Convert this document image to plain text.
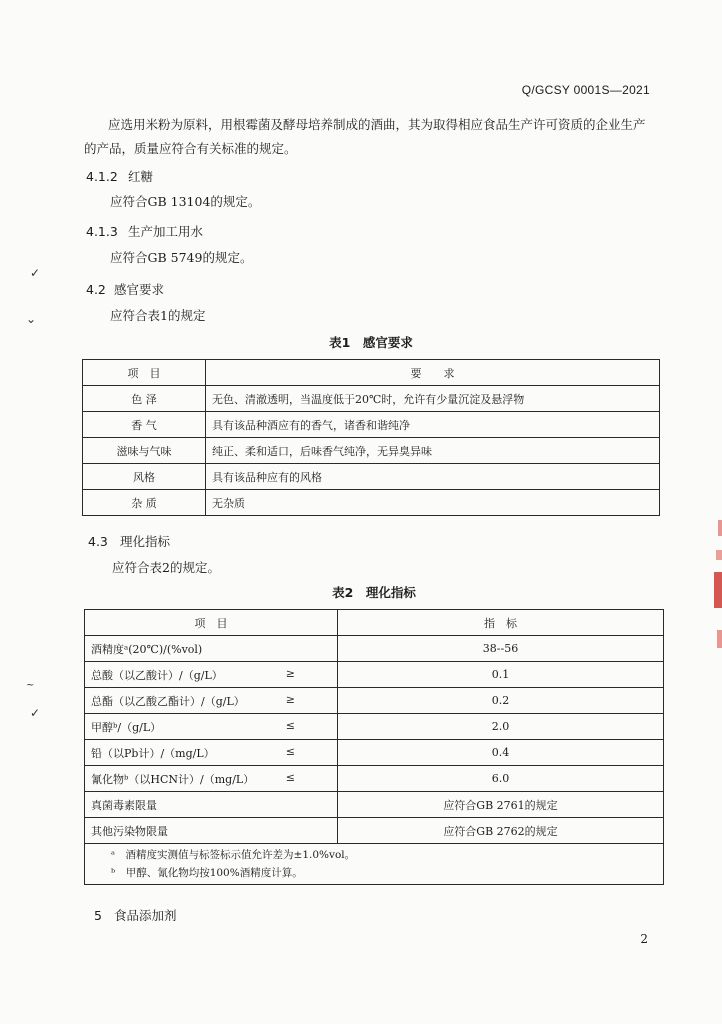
Q/GCSY 0001S—2021
应选用米粉为原料，用根霉菌及酵母培养制成的酒曲，其为取得相应食品生产许可资质的企业生产的产品，质量应符合有关标准的规定。
4.1.2 红糖
应符合GB 13104的规定。
4.1.3 生产加工用水
应符合GB 5749的规定。
4.2 感官要求
应符合表1的规定
表1　感官要求
项　目	要　　求
色 泽	无色、清澈透明，当温度低于20℃时，允许有少量沉淀及悬浮物
香 气	具有该品种酒应有的香气，诸香和谐纯净
滋味与气味	纯正、柔和适口，后味香气纯净，无异臭异味
风格	具有该品种应有的风格
杂 质	无杂质
4.3 理化指标
应符合表2的规定。
表2　理化指标
项　目	指　标
酒精度ᵃ(20℃)/(%vol)	38--56
总酸（以乙酸计）/（g/L） ≥	0.1
总酯（以乙酸乙酯计）/（g/L） ≥	0.2
甲醇ᵇ/（g/L） ≤	2.0
铅（以Pb计）/（mg/L） ≤	0.4
氰化物ᵇ（以HCN计）/（mg/L） ≤	6.0
真菌毒素限量	应符合GB 2761的规定
其他污染物限量	应符合GB 2762的规定

ᵃ　酒精度实测值与标签标示值允许差为±1.0%vol。
ᵇ　甲醇、氰化物均按100%酒精度计算。	
5 食品添加剂
2
✓
⌄
✓
~
